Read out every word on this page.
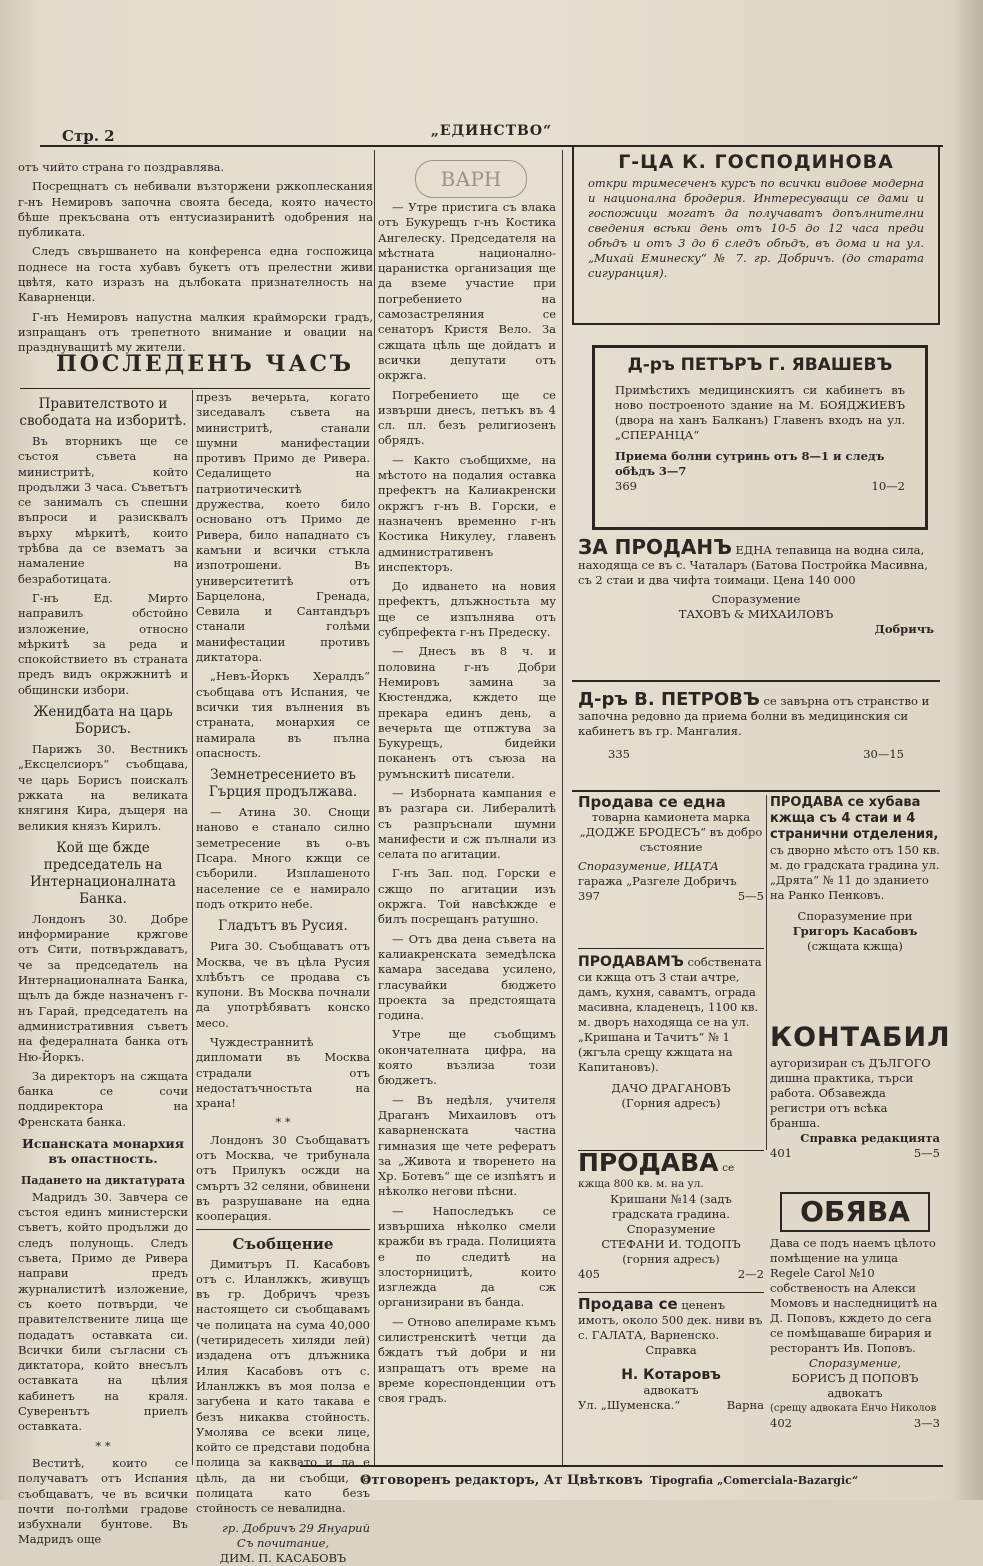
Стр. 2	„ЕДИНСТВО“

отъ чийто страна го поздравлява.

Посрещнатъ съ небивали възторжени ржкоплескания г-нъ Немировъ започна своята беседа, която начесто бѣше прекъсвана отъ ентусиазиранитѣ одобрения на публиката.

Следъ свършването на конференса една госпожица поднесе на госта хубавъ букетъ отъ прелестни живи цвѣтя, като изразъ на дълбоката признателность на Каварненци.

Г-нъ Немировъ напустна малкия крайморски градъ, изпращанъ отъ трепетното внимание и овации на празднуващитѣ му жители.

ПОСЛЕДЕНЪ ЧАСЪ
Правителството и свободата на изборитѣ.

Въ вторникъ ще се състоя съвета на министритѣ, който продължи 3 часа. Съветътъ се занималъ съ спешни въпроси и разисквалъ върху мѣркитѣ, които трѣбва да се взематъ за намаление на безработицата.

Г-нъ Ед. Мирто направилъ обстойно изложение, относно мѣркитѣ за реда и спокойствието въ страната предъ видъ окржжнитѣ и общински избори.

Женидбата на царь Борисъ.

Парижъ 30. Вестникъ „Ексцелсиоръ“ съобщава, че царь Борисъ поискалъ ржката на великата княгиня Кира, дъщеря на великия князъ Кирилъ.

Кой ще бжде председатель на Интернационалната Банка.

Лондонъ 30. Добре информирание кржгове отъ Сити, потвърждаватъ, че за председатель на Интернационалната Банка, щълъ да бжде назначенъ г-нъ Гарай, председателъ на административния съветъ на федералната банка отъ Ню-Йоркъ.

За директоръ на сжщата банка се сочи поддиректора на Френската банка.

Испанската монархия въ опастность.
Падането на диктатурата

Мадридъ 30. Завчера се състоя единъ министерски съветъ, който продължи до следъ полунощь. Следъ съвета, Примо де Ривера направи предъ журналиститѣ изложение, съ което потвърди, че правителствените лица ще подадатъ оставката си. Всички били съгласни съ диктатора, който внесълъ оставката на цѣлия кабинетъ на краля. Суверенътъ приелъ оставката.

* *

Веститѣ, които се получаватъ отъ Испания съобщаватъ, че въ всички почти по-голѣми градове избухнали бунтове. Въ Мадридъ още

презъ вечерьта, когато зиседавалъ съвета на министритѣ, станали шумни манифестации противъ Примо де Ривера. Седалището на патриотическитѣ дружества, което било основано отъ Примо де Ривера, било нападнато съ камъни и всички стъкла изпотрошени. Въ университетитѣ отъ Барцелона, Гренада, Севила и Сантандъръ станали голѣми манифестации противъ диктатора.

„Невъ-Йоркъ Хералдъ“ съобщава отъ Испания, че всички тия вълнения въ страната, монархия се намирала въ пълна опасность.

Земнетресението въ Гърция продължава.

— Атина 30. Снощи наново е станало силно земетресение въ о-въ Псара. Много кжщи се съборили. Изплашеното население се е намирало подъ открито небе.

Гладътъ въ Русия.

Рига 30. Съобщаватъ отъ Москва, че въ цѣла Русия хлѣбътъ се продава съ купони. Въ Москва почнали да употрѣбяватъ конско месо.

Чуждестраннитѣ дипломати въ Москва страдали отъ недостатъчностьта на храна!

* *

Лондонъ 30 Съобщаватъ отъ Москва, че трибунала отъ Прилукъ осжди на смъртъ 32 селяни, обвинени въ разрушаване на една кооперация.

Съобщение

Димитъръ П. Касабовъ отъ с. Иланлжкъ, живущъ въ гр. Добричъ чрезъ настоящето си съобщавамъ че полицата на сума 40,000 (четиридесеть хиляди лей) издадена отъ длъжника Илия Касабовъ отъ с. Иланлжкъ въ моя полза е загубена и като такава е безъ никаква стойность. Умолява се всеки лице, който се представи подобна полица за каквато и да е цѣль, да ни съобщи, а полицата като безъ стойность се невалидна.

гр. Добричъ 29 Януарий
Съ почитание,
ДИМ. П. КАСАБОВЪ
ВАРН

— Утре пристига съ влака отъ Букурещъ г-нъ Костика Ангелеску. Председателя на мѣстната национално-царанистка организация ще да вземе участие при погребението на самозастреляния се сенаторъ Кристя Вело. За сжщата цѣль ще дойдатъ и всички депутати отъ окржга.

Погребението ще се извърши днесъ, петъкъ въ 4 сл. пл. безъ религиозенъ обрядъ.

— Както съобщихме, на мѣстото на подалия оставка префектъ на Калиакренски окржгъ г-нъ В. Горски, е назначенъ временно г-нъ Костика Никулеу, главенъ административенъ инспекторъ.

До идването на новия префектъ, длъжностьта му ще се изпълнява отъ субпрефекта г-нъ Предеску.

— Днесъ въ 8 ч. и половина г-нъ Добри Немировъ замина за Кюстенджа, кждето ще прекара единъ день, а вечерьта ще отпжтува за Букурещъ, бидейки поканенъ отъ съюза на румънскитѣ писатели.

— Изборната кампания е въ разгара си. Либералитѣ съ разпръснали шумни манифести и сж пълнали из селата по агитации.

Г-нъ Зап. под. Горски е сжщо по агитации изъ окржга. Той навсѣкжде е билъ посрещанъ ратушно.

— Отъ два дена съвета на калиакренската земедѣлска камара заседава усилено, гласувайки бюджето проекта за предстоящата година.

Утре ще съобщимъ окончателната цифра, на която възлиза този бюджетъ.

— Въ недѣля, учителя Драганъ Михаиловъ отъ каварненската частна гимназия ще чете рефератъ за „Живота и творенето на Хр. Ботевъ“ ще се изпѣятъ и нѣколко негови пѣсни.

— Напоследъкъ се извършиха нѣколко смели кражби въ града. Полицията е по следитѣ на злосторницитѣ, които изглежда да сж организирани въ банда.

— Отново апелираме къмъ силистренскитѣ четци да бждатъ тъй добри и ни изпращатъ отъ време на време кореспонденции отъ своя градъ.

Г-ЦА К. ГОСПОДИНОВА
откри тримесеченъ курсъ по всички видове модерна и национална бродерия. Интересуващи се дами и госпожици могатъ да получаватъ допълнителни сведения всѣки день отъ 10-5 до 12 часа преди обѣдъ и отъ 3 до 6 следъ обѣдъ, въ дома и на ул. „Михай Еминеску“ № 7. гр. Добричъ. (до старата сигуранция).
Д-ръ ПЕТЪРЪ Г. ЯВАШЕВЪ
Примѣстихъ медицинскиятъ си кабинетъ въ ново построеното здание на М. БОЯДЖИЕВЪ (двора на ханъ Балканъ) Главенъ входъ на ул. „СПЕРАНЦА“
Приема болни сутринь отъ 8—1 и следъ обѣдъ 3—7
369	10—2
ЗА ПРОДАНЪ ЕДНА тепавица на водна сила, находяща се въ с. Чаталаръ (Батова Постройка Масивна, съ 2 стаи и два чифта тоимаци. Цена 140 000
Споразумение
ТАХОВЪ & МИХАИЛОВЪ
Добричъ
Д-ръ В. ПЕТРОВЪ се завърна отъ странство и започна редовно да приема болни въ медицинския си кабинетъ въ гр. Мангалия.
335	30—15
Продава се една
товарна камионета марка „ДОДЖЕ БРОДЕСЪ“ въ добро състояние
Споразумение, ИЦАТА
гаража „Разгеле Добричъ
397	5—5
ПРОДАВА се хубава кжща съ 4 стаи и 4 странични отделения,
съ дворно мѣсто отъ 150 кв. м. до градската градина ул. „Дрята“ № 11 до зданието на Ранко Пенковъ.
Споразумение при
Григоръ Касабовъ
(сжщата кжща)
ПРОДАВАМЪ собствената си кжща отъ 3 стаи ачтре, дамъ, кухня, савамтъ, ограда масивна, кладенецъ, 1100 кв. м. дворъ находяща се на ул. „Кришана и Тачитъ“ № 1 (жгъла срещу кжщата на Капитановъ).
ДАЧО ДРАГАНОВЪ
(Горния адресъ)
КОНТАБИЛ
аугоризиран съ ДЪЛГОГО дишна практика, търси работа. Обзавежда регистри отъ всѣка бранша.
Справка редакцията
401	5—5
ПРОДАВА се кжща 800 кв. м. на ул.
Кришани №14 (задъ градската градина.
Споразумение
СТЕФАНИ И. ТОДОПЪ
(горния адресъ)
405	2—2
ОБЯВА
Дава се подъ наемъ цѣлото помѣщение на улица Regele Carol №10 собственость на Алекси Момовъ и наследницитѣ на Д. Поповъ, кждето до сега се помѣщаваше бирария и ресторантъ Ив. Поповъ.
Споразумение,
БОРИСЪ Д ПОПОВЪ
адвокатъ
(срещу адвоката Енчо Николов
402	3—3
Продава се цененъ имотъ, около 500 дек. ниви въ с. ГАЛАТА, Варненско.
Справка
Н. Котаровъ
адвокатъ
Ул. „Шуменска.“	Варна
Отговоренъ редакторъ, Ат Цвѣтковъ Tipografia „Comerciala-Bazargic“
